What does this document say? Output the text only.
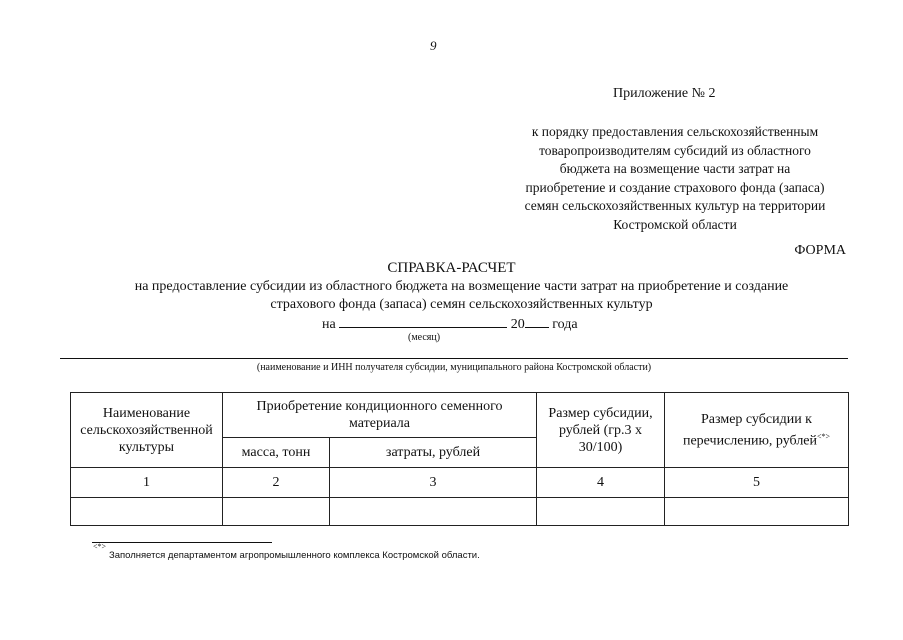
9
Приложение № 2
к порядку предоставления сельскохозяйственным
товаропроизводителям субсидий из областного
бюджета на возмещение части затрат на
приобретение и создание страхового фонда (запаса)
семян сельскохозяйственных культур на территории
Костромской области
ФОРМА
СПРАВКА-РАСЧЕТ
на предоставление субсидии из областного бюджета на возмещение части затрат на приобретение и создание
страхового фонда (запаса) семян сельскохозяйственных культур
на	20 года
(месяц)
(наименование и ИНН получателя субсидии, муниципального района Костромской области)
Наименование сельскохозяйственной культуры	Приобретение кондиционного семенного материала		Размер субсидии, рублей (гр.3 х 30/100)	Размер субсидии к перечислению, рублей<*>
	масса, тонн	затраты, рублей		
1	2	3	4	5

<*>
Заполняется департаментом агропромышленного комплекса Костромской области.
